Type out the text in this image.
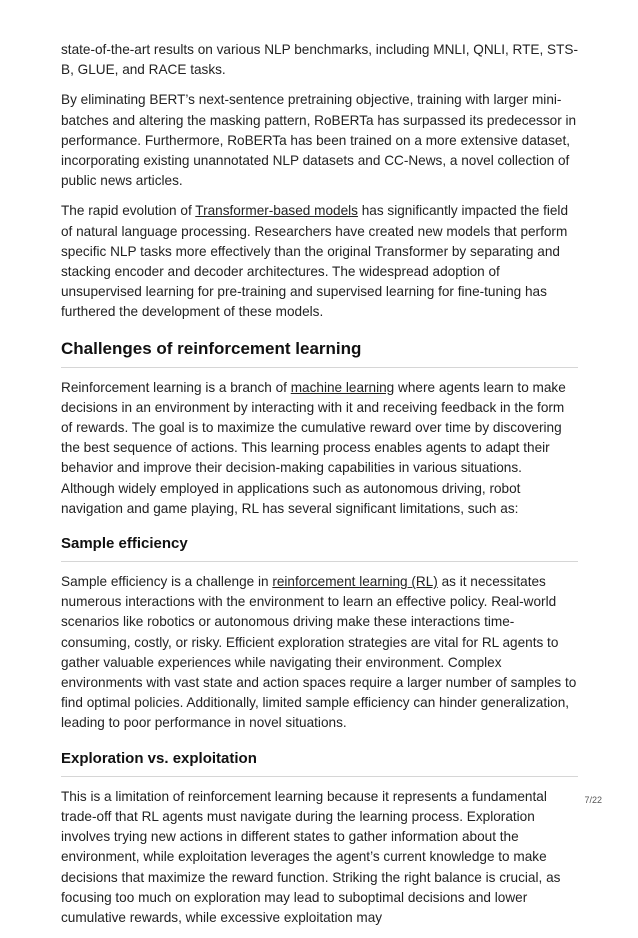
state-of-the-art results on various NLP benchmarks, including MNLI, QNLI, RTE, STS-B, GLUE, and RACE tasks.

By eliminating BERT’s next-sentence pretraining objective, training with larger mini-batches and altering the masking pattern, RoBERTa has surpassed its predecessor in performance. Furthermore, RoBERTa has been trained on a more extensive dataset, incorporating existing unannotated NLP datasets and CC-News, a novel collection of public news articles.

The rapid evolution of Transformer-based models has significantly impacted the field of natural language processing. Researchers have created new models that perform specific NLP tasks more effectively than the original Transformer by separating and stacking encoder and decoder architectures. The widespread adoption of unsupervised learning for pre-training and supervised learning for fine-tuning has furthered the development of these models.

Challenges of reinforcement learning

Reinforcement learning is a branch of machine learning where agents learn to make decisions in an environment by interacting with it and receiving feedback in the form of rewards. The goal is to maximize the cumulative reward over time by discovering the best sequence of actions. This learning process enables agents to adapt their behavior and improve their decision-making capabilities in various situations. Although widely employed in applications such as autonomous driving, robot navigation and game playing, RL has several significant limitations, such as:

Sample efficiency

Sample efficiency is a challenge in reinforcement learning (RL) as it necessitates numerous interactions with the environment to learn an effective policy. Real-world scenarios like robotics or autonomous driving make these interactions time-consuming, costly, or risky. Efficient exploration strategies are vital for RL agents to gather valuable experiences while navigating their environment. Complex environments with vast state and action spaces require a larger number of samples to find optimal policies. Additionally, limited sample efficiency can hinder generalization, leading to poor performance in novel situations.

Exploration vs. exploitation

This is a limitation of reinforcement learning because it represents a fundamental trade-off that RL agents must navigate during the learning process. Exploration involves trying new actions in different states to gather information about the environment, while exploitation leverages the agent’s current knowledge to make decisions that maximize the reward function. Striking the right balance is crucial, as focusing too much on exploration may lead to suboptimal decisions and lower cumulative rewards, while excessive exploitation may

7/22
